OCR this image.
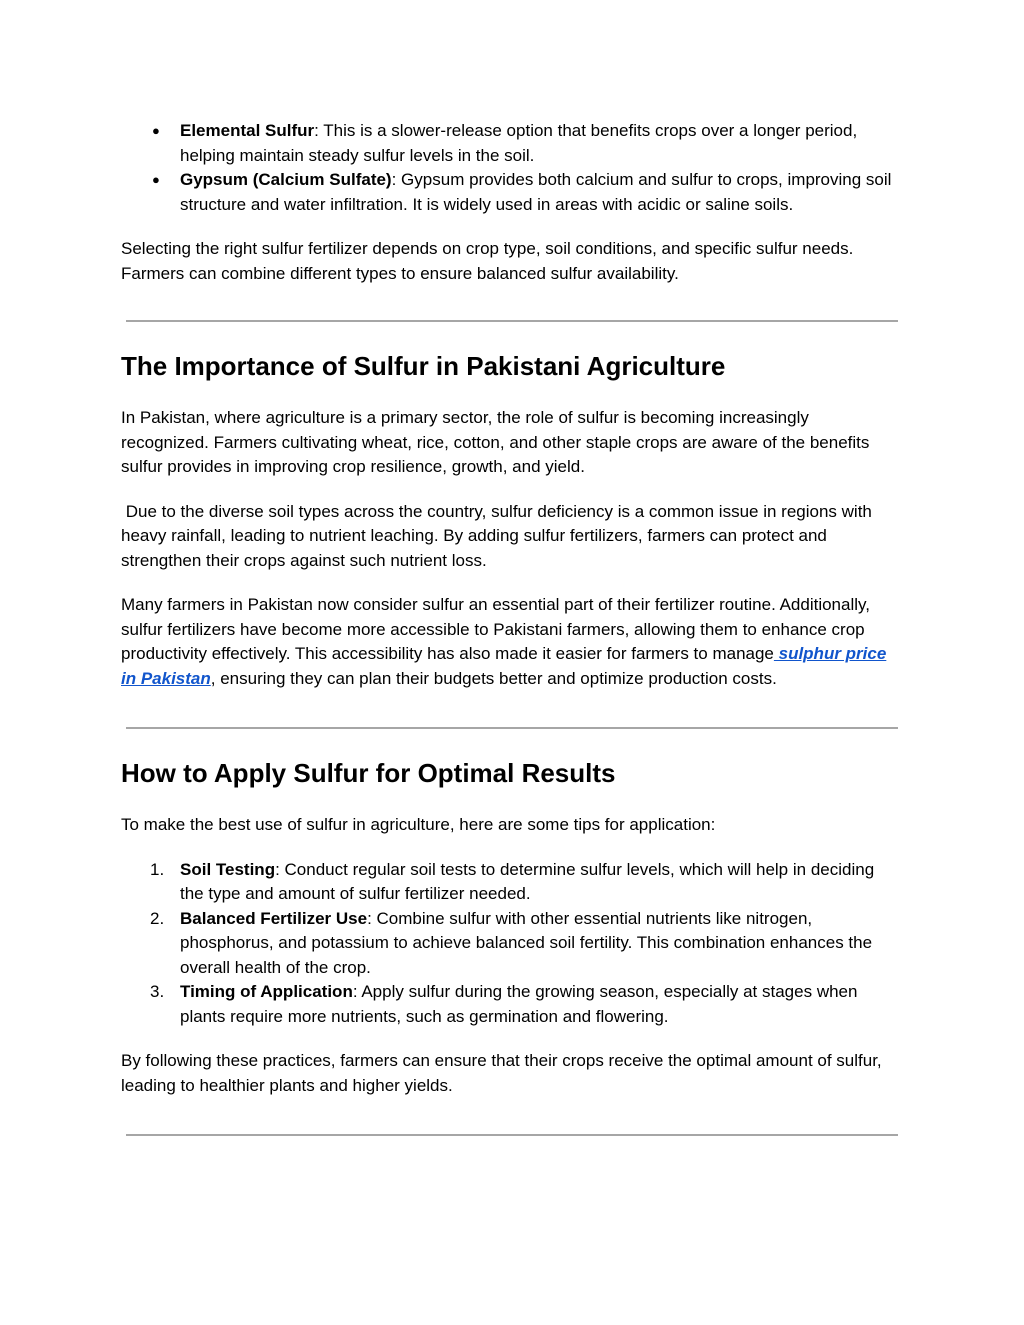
● Elemental Sulfur: This is a slower-release option that benefits crops over a longer period, helping maintain steady sulfur levels in the soil.
● Gypsum (Calcium Sulfate): Gypsum provides both calcium and sulfur to crops, improving soil structure and water infiltration. It is widely used in areas with acidic or saline soils.

Selecting the right sulfur fertilizer depends on crop type, soil conditions, and specific sulfur needs. Farmers can combine different types to ensure balanced sulfur availability.

The Importance of Sulfur in Pakistani Agriculture

In Pakistan, where agriculture is a primary sector, the role of sulfur is becoming increasingly recognized. Farmers cultivating wheat, rice, cotton, and other staple crops are aware of the benefits sulfur provides in improving crop resilience, growth, and yield.

Due to the diverse soil types across the country, sulfur deficiency is a common issue in regions with heavy rainfall, leading to nutrient leaching. By adding sulfur fertilizers, farmers can protect and strengthen their crops against such nutrient loss.

Many farmers in Pakistan now consider sulfur an essential part of their fertilizer routine. Additionally, sulfur fertilizers have become more accessible to Pakistani farmers, allowing them to enhance crop productivity effectively. This accessibility has also made it easier for farmers to manage sulphur price in Pakistan, ensuring they can plan their budgets better and optimize production costs.

How to Apply Sulfur for Optimal Results

To make the best use of sulfur in agriculture, here are some tips for application:

1. Soil Testing: Conduct regular soil tests to determine sulfur levels, which will help in deciding the type and amount of sulfur fertilizer needed.
2. Balanced Fertilizer Use: Combine sulfur with other essential nutrients like nitrogen, phosphorus, and potassium to achieve balanced soil fertility. This combination enhances the overall health of the crop.
3. Timing of Application: Apply sulfur during the growing season, especially at stages when plants require more nutrients, such as germination and flowering.

By following these practices, farmers can ensure that their crops receive the optimal amount of sulfur, leading to healthier plants and higher yields.
